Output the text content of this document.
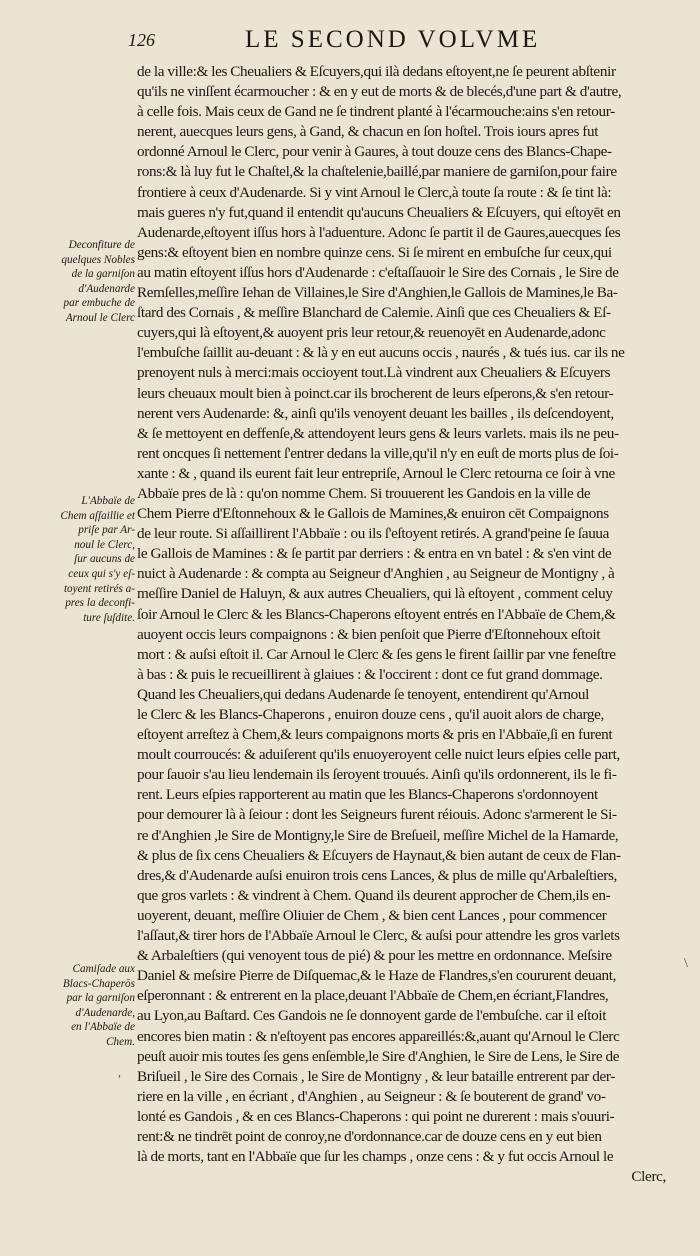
126	LE SECOND VOLVME
de la ville:& les Cheualiers & Eſcuyers,qui ilà dedans eſtoyent,ne ſe peurent abſtenir
qu'ils ne vinſſent écarmoucher : & en y eut de morts & de blecés,d'une part & d'autre,
à celle fois. Mais ceux de Gand ne ſe tindrent planté à l'écarmouche:ains s'en retour-
nerent, auecques leurs gens, à Gand, & chacun en ſon hoſtel. Trois iours apres fut
ordonné Arnoul le Clerc, pour venir à Gaures, à tout douze cens des Blancs-Chape-
rons:& là luy fut le Chaſtel,& la chaſtelenie,baillé,par maniere de garniſon,pour faire
frontiere à ceux d'Audenarde. Si y vint Arnoul le Clerc,à toute ſa route : & ſe tint là:
mais gueres n'y fut,quand il entendit qu'aucuns Cheualiers & Eſcuyers, qui eſtoyēt en
Audenarde,eſtoyent iſſus hors à l'aduenture. Adonc ſe partit il de Gaures,auecques ſes
gens:& eſtoyent bien en nombre quinze cens. Si ſe mirent en embuſche ſur ceux,qui
au matin eſtoyent iſſus hors d'Audenarde : c'eſtaſſauoir le Sire des Cornais , le Sire de
Remſelles,meſſire Iehan de Villaines,le Sire d'Anghien,le Gallois de Mamines,le Ba-
ſtard des Cornais , & meſſire Blanchard de Calemie. Ainſi que ces Cheualiers & Eſ-
cuyers,qui là eſtoyent,& auoyent pris leur retour,& reuenoyēt en Audenarde,adonc
l'embuſche ſaillit au-deuant : & là y en eut aucuns occis , naurés , & tués ius. car ils ne
prenoyent nuls à merci:mais occioyent tout.Là vindrent aux Cheualiers & Eſcuyers
leurs cheuaux moult bien à poinct.car ils brocherent de leurs eſperons,& s'en retour-
nerent vers Audenarde: &, ainſi qu'ils venoyent deuant les bailles , ils deſcendoyent,
& ſe mettoyent en deffenſe,& attendoyent leurs gens & leurs varlets. mais ils ne peu-
rent oncques ſi nettement ſ'entrer dedans la ville,qu'il n'y en euſt de morts plus de ſoi-
xante : & , quand ils eurent fait leur entrepriſe, Arnoul le Clerc retourna ce ſoir à vne
Abbaïe pres de là : qu'on nomme Chem. Si trouuerent les Gandois en la ville de
Chem Pierre d'Eſtonnehoux & le Gallois de Mamines,& enuiron cēt Compaignons
de leur route. Si aſſaillirent l'Abbaïe : ou ils ſ'eſtoyent retirés. A grand'peine ſe ſauua
le Gallois de Mamines : & ſe partit par derriers : & entra en vn batel : & s'en vint de
nuict à Audenarde : & compta au Seigneur d'Anghien , au Seigneur de Montigny , à
meſſire Daniel de Haluyn, & aux autres Cheualiers, qui là eſtoyent , comment celuy
ſoir Arnoul le Clerc & les Blancs-Chaperons eſtoyent entrés en l'Abbaïe de Chem,&
auoyent occis leurs compaignons : & bien penſoit que Pierre d'Eſtonnehoux eſtoit
mort : & auſsi eſtoit il. Car Arnoul le Clerc & ſes gens le firent ſaillir par vne feneſtre
à bas : & puis le recueillirent à glaiues : & l'occirent : dont ce fut grand dommage.
Quand les Cheualiers,qui dedans Audenarde ſe tenoyent, entendirent qu'Arnoul
le Clerc & les Blancs-Chaperons , enuiron douze cens , qu'il auoit alors de charge,
eſtoyent arreſtez à Chem,& leurs compaignons morts & pris en l'Abbaïe,ſi en furent
moult courroucés: & aduiſerent qu'ils enuoyeroyent celle nuict leurs eſpies celle part,
pour ſauoir s'au lieu lendemain ils ſeroyent trouués. Ainſi qu'ils ordonnerent, ils le fi-
rent. Leurs eſpies rapporterent au matin que les Blancs-Chaperons s'ordonnoyent
pour demourer là à ſeiour : dont les Seigneurs furent réiouis. Adonc s'armerent le Si-
re d'Anghien ,le Sire de Montigny,le Sire de Breſueil, meſſire Michel de la Hamarde,
& plus de ſix cens Cheualiers & Eſcuyers de Haynaut,& bien autant de ceux de Flan-
dres,& d'Audenarde auſsi enuiron trois cens Lances, & plus de mille qu'Arbaleſtiers,
que gros varlets : & vindrent à Chem. Quand ils deurent approcher de Chem,ils en-
uoyerent, deuant, meſſire Oliuier de Chem , & bien cent Lances , pour commencer
l'aſſaut,& tirer hors de l'Abbaïe Arnoul le Clerc, & auſsi pour attendre les gros varlets
& Arbaleſtiers (qui venoyent tous de pié) & pour les mettre en ordonnance. Meſsire
Daniel & meſsire Pierre de Diſquemac,& le Haze de Flandres,s'en coururent deuant,
eſperonnant : & entrerent en la place,deuant l'Abbaïe de Chem,en écriant,Flandres,
au Lyon,au Baſtard. Ces Gandois ne ſe donnoyent garde de l'embuſche. car il eſtoit
encores bien matin : & n'eſtoyent pas encores appareillés:&,auant qu'Arnoul le Clerc
peuſt auoir mis toutes ſes gens enſemble,le Sire d'Anghien, le Sire de Lens, le Sire de
Briſueil , le Sire des Cornais , le Sire de Montigny , & leur bataille entrerent par der-
riere en la ville , en écriant , d'Anghien , au Seigneur : & ſe bouterent de grand' vo-
lonté es Gandois , & en ces Blancs-Chaperons : qui point ne durerent : mais s'ouuri-
rent:& ne tindrēt point de conroy,ne d'ordonnance.car de douze cens en y eut bien
là de morts, tant en l'Abbaïe que ſur les champs , onze cens : & y fut occis Arnoul le
Clerc,
Deconfiture de
quelques Nobles
de la garniſon
d'Audenarde
par embuche de
Arnoul le Clerc
L'Abbaïe de
Chem aſſaillie et
priſe par Ar-
noul le Clerc,
ſur aucuns de
ceux qui s'y eſ-
toyent retirés a-
pres la deconfi-
ture ſuſdite.
Camiſade aux
Blacs-Chaperōs
par la garniſon
d'Audenarde,
en l'Abbaïe de
Chem.
′
\
